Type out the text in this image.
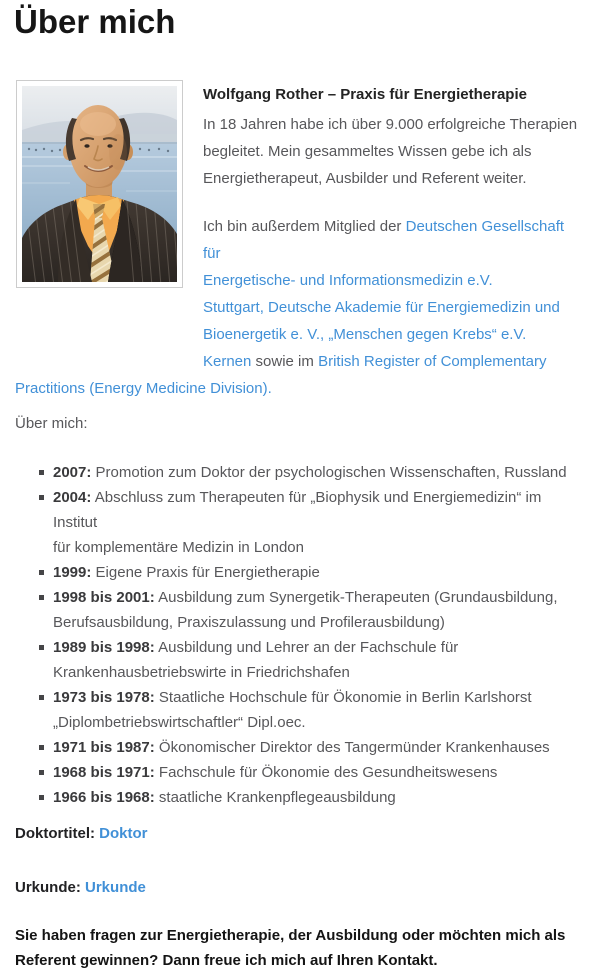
Über mich
Wolfgang Rother – Praxis für Energietherapie

In 18 Jahren habe ich über 9.000 erfolgreiche Therapien
begleitet. Mein gesammeltes Wissen gebe ich als
Energietherapeut, Ausbilder und Referent weiter.

Ich bin außerdem Mitglied der Deutschen Gesellschaft für
Energetische- und Informationsmedizin e.V.
Stuttgart, Deutsche Akademie für Energiemedizin und
Bioenergetik e. V., „Menschen gegen Krebs“ e.V.
Kernen sowie im British Register of Complementary

Practitions (Energy Medicine Division).

Über mich:

2007: Promotion zum Doktor der psychologischen Wissenschaften, Russland
2004: Abschluss zum Therapeuten für „Biophysik und Energiemedizin“ im Institut
für komplementäre Medizin in London
1999: Eigene Praxis für Energietherapie
1998 bis 2001: Ausbildung zum Synergetik-Therapeuten (Grundausbildung,
Berufsausbildung, Praxiszulassung und Profilerausbildung)
1989 bis 1998: Ausbildung und Lehrer an der Fachschule für
Krankenhausbetriebswirte in Friedrichshafen
1973 bis 1978: Staatliche Hochschule für Ökonomie in Berlin Karlshorst
„Diplombetriebswirtschaftler“ Dipl.oec.
1971 bis 1987: Ökonomischer Direktor des Tangermünder Krankenhauses
1968 bis 1971: Fachschule für Ökonomie des Gesundheitswesens
1966 bis 1968: staatliche Krankenpflegeausbildung

Doktortitel: Doktor

Urkunde: Urkunde

Sie haben fragen zur Energietherapie, der Ausbildung oder möchten mich als
Referent gewinnen? Dann freue ich mich auf Ihren Kontakt.
